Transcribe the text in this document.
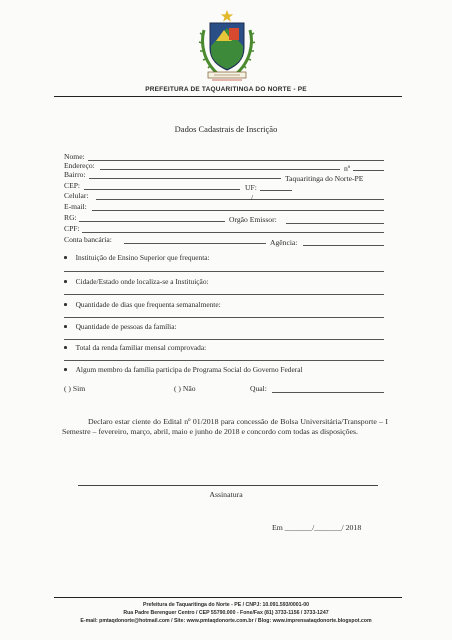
PREFEITURA DE TAQUARITINGA DO NORTE - PE
Dados Cadastrais de Inscrição
Nome:
Endereço:	nº
Bairro:	Taquaritinga do Norte-PE
CEP:	UF:
Celular:	/
E-mail:
RG:	Orgão Emissor:
CPF:
Conta bancária:	Agência:
Instituição de Ensino Superior que frequenta:
Cidade/Estado onde localiza-se a Instituição:
Quantidade de dias que frequenta semanalmente:
Quantidade de pessoas da família:
Total da renda familiar mensal comprovada:
Algum membro da família participa de Programa Social do Governo Federal
( ) Sim	( ) Não	Qual:
Declaro estar ciente do Edital nº 01/2018 para concessão de Bolsa Universitária/Transporte – I Semestre – fevereiro, março, abril, maio e junho de 2018 e concordo com todas as disposições.
Assinatura
Em _______/_______/ 2018
Prefeitura de Taquaritinga do Norte - PE / CNPJ: 10.091.593/0001-00
Rua Padre Berenguer Centro / CEP 55790.000 - Fone/Fax (81) 3733-1156 / 3733-1247
E-mail: pmtaqdonorte@hotmail.com / Site: www.pmtaqdonorte.com.br / Blog: www.imprensataqdonorte.blogspot.com
